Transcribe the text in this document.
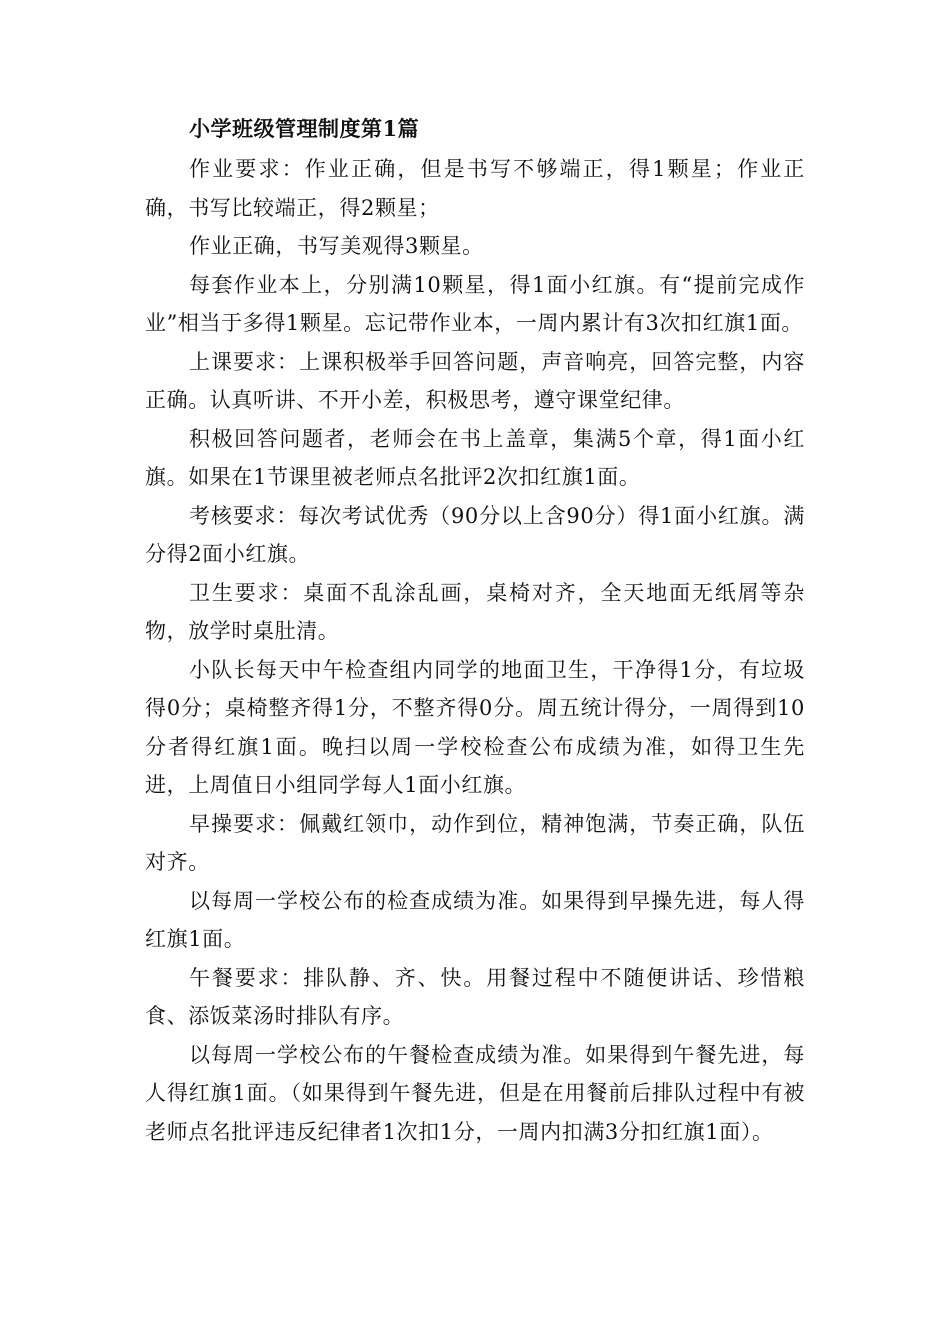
小学班级管理制度第1篇

作业要求：作业正确，但是书写不够端正，得1颗星；作业正确，书写比较端正，得2颗星；

作业正确，书写美观得3颗星。

每套作业本上，分别满10颗星，得1面小红旗。有“提前完成作业”相当于多得1颗星。忘记带作业本，一周内累计有3次扣红旗1面。

上课要求：上课积极举手回答问题，声音响亮，回答完整，内容正确。认真听讲、不开小差，积极思考，遵守课堂纪律。

积极回答问题者，老师会在书上盖章，集满5个章，得1面小红旗。如果在1节课里被老师点名批评2次扣红旗1面。

考核要求：每次考试优秀（90分以上含90分）得1面小红旗。满分得2面小红旗。

卫生要求：桌面不乱涂乱画，桌椅对齐，全天地面无纸屑等杂物，放学时桌肚清。

小队长每天中午检查组内同学的地面卫生，干净得1分，有垃圾得0分；桌椅整齐得1分，不整齐得0分。周五统计得分，一周得到10分者得红旗1面。晚扫以周一学校检查公布成绩为准，如得卫生先进，上周值日小组同学每人1面小红旗。

早操要求：佩戴红领巾，动作到位，精神饱满，节奏正确，队伍对齐。

以每周一学校公布的检查成绩为准。如果得到早操先进，每人得红旗1面。

午餐要求：排队静、齐、快。用餐过程中不随便讲话、珍惜粮食、添饭菜汤时排队有序。

以每周一学校公布的午餐检查成绩为准。如果得到午餐先进，每人得红旗1面。（如果得到午餐先进，但是在用餐前后排队过程中有被老师点名批评违反纪律者1次扣1分，一周内扣满3分扣红旗1面）。
